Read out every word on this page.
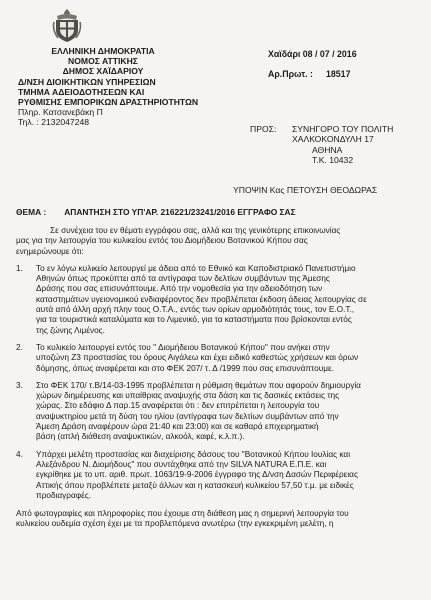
ΕΛΛΗΝΙΚΗ ΔΗΜΟΚΡΑΤΙΑ
ΝΟΜΟΣ ΑΤΤΙΚΗΣ
ΔΗΜΟΣ ΧΑΪΔΑΡΙΟΥ
Δ/ΝΣΗ ΔΙΟΙΚΗΤΙΚΩΝ ΥΠΗΡΕΣΙΩΝ
ΤΜΗΜΑ ΑΔΕΙΟΔΟΤΗΣΕΩΝ ΚΑΙ
ΡΥΘΜΙΣΗΣ ΕΜΠΟΡΙΚΩΝ ΔΡΑΣΤΗΡΙΟΤΗΤΩΝ
Πληρ. Κατσανεβάκη Π
Τηλ. : 2132047248
Χαϊδάρι 08 / 07 / 2016
Αρ.Πρωτ. : 18517
ΠΡΟΣ: ΣΥΝΗΓΟΡΟ ΤΟΥ ΠΟΛΙΤΗ
ΧΑΛΚΟΚΟΝΔΥΛΗ 17
ΑΘΗΝΑ
Τ.Κ. 10432
ΥΠΟΨΙΝ Κας ΠΕΤΟΥΣΗ ΘΕΟΔΩΡΑΣ
ΘΕΜΑ : ΑΠΑΝΤΗΣΗ ΣΤΟ ΥΠ'ΑΡ. 216221/23241/2016 ΕΓΓΡΑΦΟ ΣΑΣ

Σε συνέχεια του εν θέματι εγγράφου σας, αλλά και της γενικότερης επικοινωνίας
μας για την λειτουργία του κυλικείου εντός του Διομήδειου Βοτανικού Κήπου σας
ενημερώνουμε ότι:

1. Το εν λόγω κυλικείο λειτουργεί με άδεια από το Εθνικό και Καποδιστριακό Πανεπιστήμιο
Αθηνών όπως προκύπτει από τα αντίγραφα των δελτίων συμβάντων της Άμεσης
Δράσης που σας επισυνάπτουμε. Από την νομοθεσία για την αδειοδότηση των
καταστημάτων υγειονομικού ενδιαφέροντος δεν προβλέπεται έκδοση άδειας λειτουργίας σε
αυτά από άλλη αρχή πλην τους Ο.Τ.Α., εντός των ορίων αρμοδιότητάς τους, τον Ε.Ο.Τ.,
για τα τουριστικά καταλύματα και το Λιμενικό, για τα καταστήματα που βρίσκονται εντός
της ζώνης Λιμένος.
2. Το κυλικείο λειτουργεί εντός του '' Διομήδειου Βοτανικού Κήπου'' που ανήκει στην
υποζώνη Ζ3 προστασίας του όρους Αιγάλεω και έχει ειδικό καθεστώς χρήσεων και όρων
δόμησης, όπως αναφέρεται και στο ΦΕΚ 207/ τ. Δ /1999 που σας επισυνάπτουμε.
3. Στο ΦΕΚ 170/ τ.Β/14-03-1995 προβλέπεται η ρύθμιση θεμάτων που αφορούν δημιουργία
χώρων διημέρευσης και υπαίθριας αναψυχής στα δάση και τις δασικές εκτάσεις της
χώρας. Στο εδάφιο Δ παρ.15 αναφέρεται ότι : δεν επιτρέπεται η λειτουργία του
αναψυκτηρίου μετά τη δύση του ηλίου (αντίγραφα των δελτίων συμβάντων από την
Άμεση Δράση αναφέρουν ώρα 21:40 και 23:00) και σε καθαρά επιχειρηματική
βάση (απλή διάθεση αναψυκτικών, αλκοόλ, καφέ, κ.λ.π.).
4. Υπάρχει μελέτη προστασίας και διαχείρισης δάσους του "Βοτανικού Κήπου Ιουλίας και
Αλεξάνδρου Ν. Διομήδους" που συντάχθηκε από την SILVA NATURA Ε.Π.Ε. και
εγκρίθηκε με το υπ. αριθ. πρωτ. 1063/19-9-2006 έγγραφο της Δ/νση Δασών Περιφέρειας
Αττικής όπου προβλέπετε μεταξύ άλλων και η κατασκευή κυλικείου 57,50 τ.μ. με ειδικές
προδιαγραφές.

Από φωτογραφίες και πληροφορίες που έχουμε στη διάθεση μας η σημερινή λειτουργία του
κυλικείου ουδεμία σχέση έχει με τα προβλεπόμενα ανωτέρω (την εγκεκριμένη μελέτη, η
